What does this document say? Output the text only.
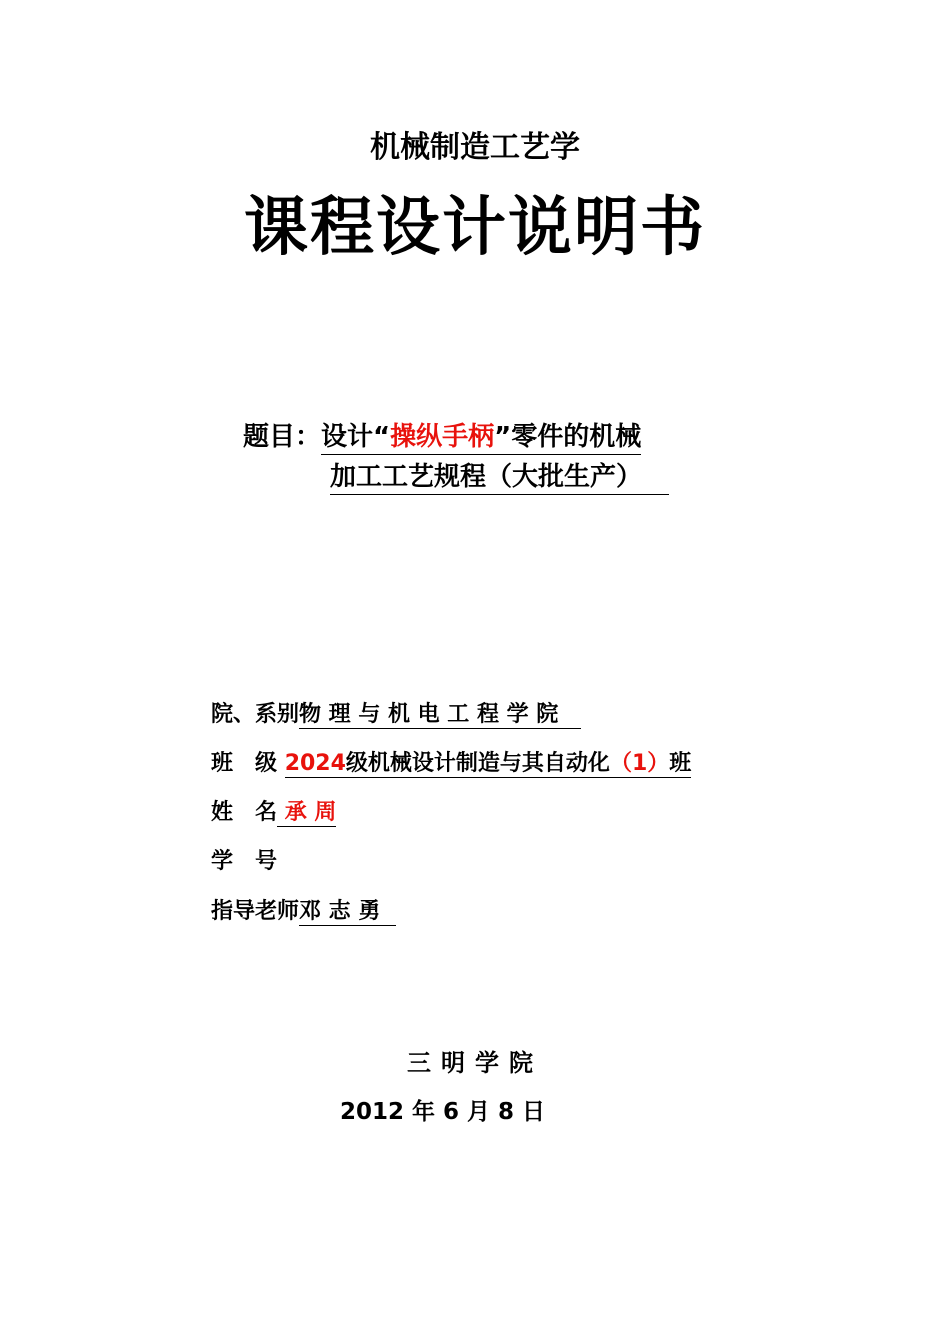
机械制造工艺学
课程设计说明书
题目：设计“操纵手柄”零件的机械
加工工艺规程（大批生产）
院、系别物 理 与 机 电 工 程 学 院
班　级 2024级机械设计制造与其自动化（1）班
姓　名 承 周
学　号
指导老师邓 志 勇
三明学院
2012 年 6 月 8 日
